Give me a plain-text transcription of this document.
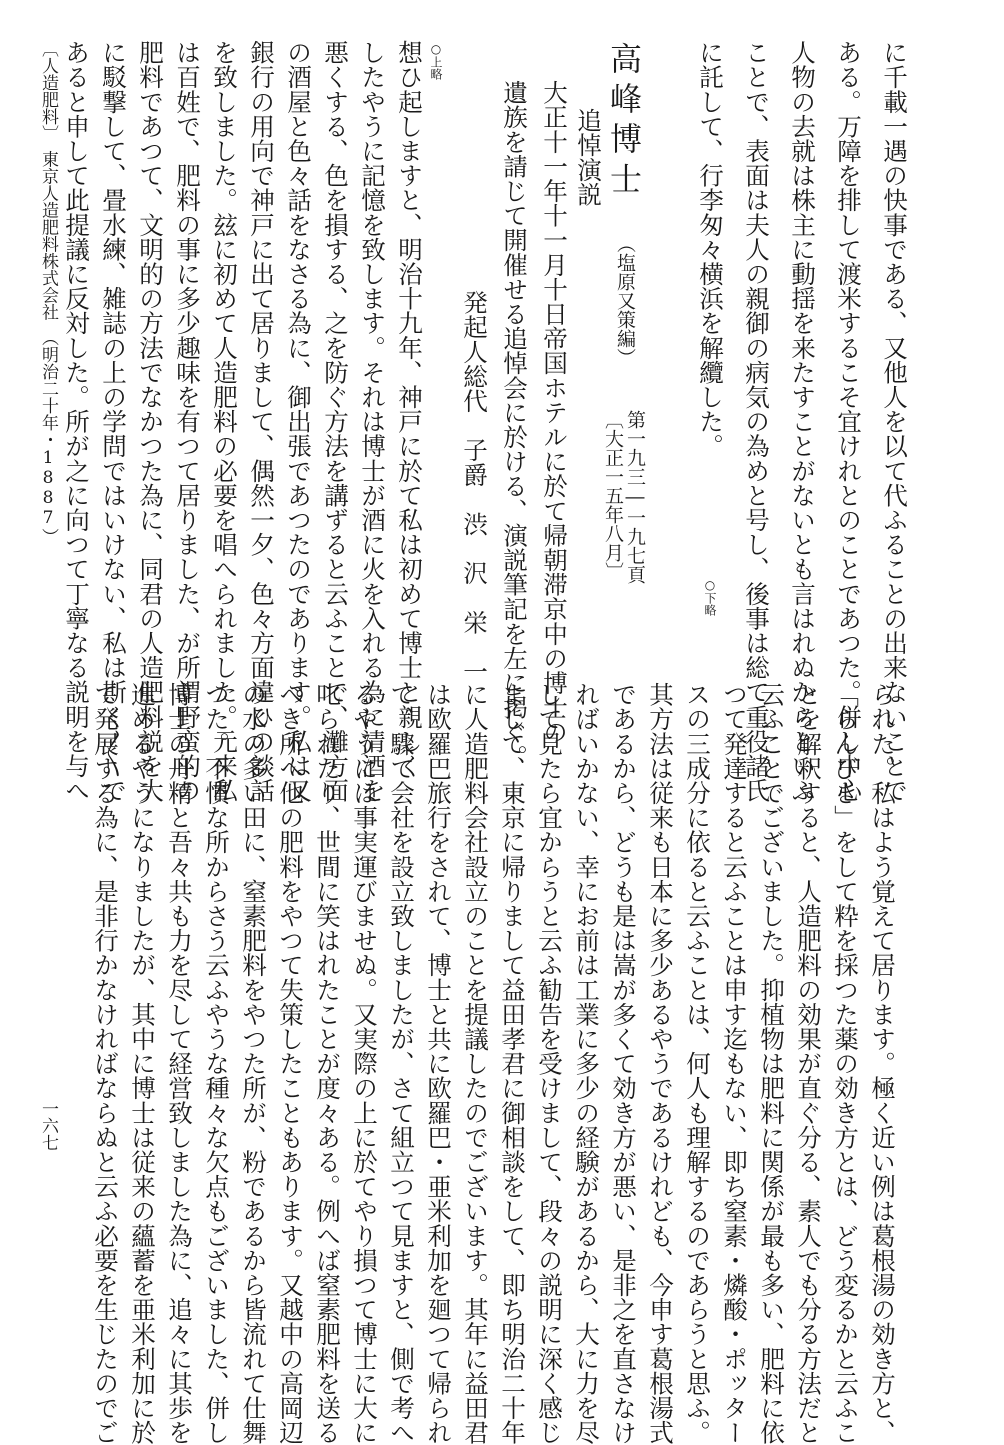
に千載一遇の快事である、又他人を以て代ふることの出来ないことで
ある。万障を排して渡米するこそ宜けれとのことであつた。併し中心
人物の去就は株主に動揺を来たすことがないとも言はれぬからといふ
ことで、表面は夫人の親御の病気の為めと号し、後事は総て重役諸氏
に託して、行李匆々横浜を解纜した。
○下略
高峰博士
（塩原又策編）
第一九三―一九七頁
〔大正一五年八月〕
追悼演説
大正十一年十一月十日帝国ホテルに於て帰朝滞京中の博士の
遺族を請じて開催せる追悼会に於ける、演説筆記を左に掲ぐ。
発起人総代　子爵　渋　沢　栄　一
○上略
想ひ起しますと、明治十九年、神戸に於て私は初めて博士と親しく
したやうに記憶を致します。それは博士が酒に火を入れる為に清酒を
悪くする、色を損する、之を防ぐ方法を講ずると云ふことで、灘方面
の酒屋と色々話をなさる為に、御出張であつたのであります。私は又
銀行の用向で神戸に出て居りまして、偶然一夕、色々方面違ひの談話
を致しました。玆に初めて人造肥料の必要を唱へられました。元来私
は百姓で、肥料の事に多少趣味を有つて居りました、が所謂野蛮的の
肥料であつて、文明的の方法でなかつた為に、同君の人造肥料説を大
に駁撃して、畳水練、雑誌の上の学問ではいけない、私は斯く〳〵で
あると申して此提議に反対した。所が之に向つて丁寧なる説明を与へ
られた。私はよう覚えて居ります。極く近い例は葛根湯の効き方と、
「らんびき」をして粋を採つた薬の効き方とは、どう変るかと云ふこ
とを解釈すると、人造肥料の効果が直ぐ分る、素人でも分る方法だと
云ふことでございました。抑植物は肥料に関係が最も多い、肥料に依
つて発達すると云ふことは申す迄もない、即ち窒素・燐酸・ポッター
スの三成分に依ると云ふことは、何人も理解するのであらうと思ふ。
其方法は従来も日本に多少あるやうであるけれども、今申す葛根湯式
であるから、どうも是は嵩が多くて効き方が悪い、是非之を直さなけ
ればいかない、幸にお前は工業に多少の経験があるから、大に力を尽
して見たら宜からうと云ふ勧告を受けまして、段々の説明に深く感じ
まして、東京に帰りまして益田孝君に御相談をして、即ち明治二十年
に人造肥料会社設立のことを提議したのでございます。其年に益田君
は欧羅巴旅行をされて、博士と共に欧羅巴・亜米利加を廻つて帰られ
て、驟て会社を設立致しましたが、さて組立つて見ますと、側で考へ
るやうには事実運びませぬ。又実際の上に於てやり損つて博士に大に
叱られたり、世間に笑はれたことが度々ある。例へば窒素肥料を送る
べき所へ他の肥料をやつて失策したこともあります。又越中の高岡辺
の水の多い田に、窒素肥料をやつた所が、粉であるから皆流れて仕舞
つた。不慣な所からさう云ふやうな種々な欠点もございました、併し
博士の丹精と吾々共も力を尽して経営致しました為に、追々に其歩を
進めるやうになりましたが、其中に博士は従来の蘊蓄を亜米利加に於
て発展する為に、是非行かなければならぬと云ふ必要を生じたのでご
一六七
〔人造肥料〕　東京人造肥料株式会社　（明治二十年・1887）
